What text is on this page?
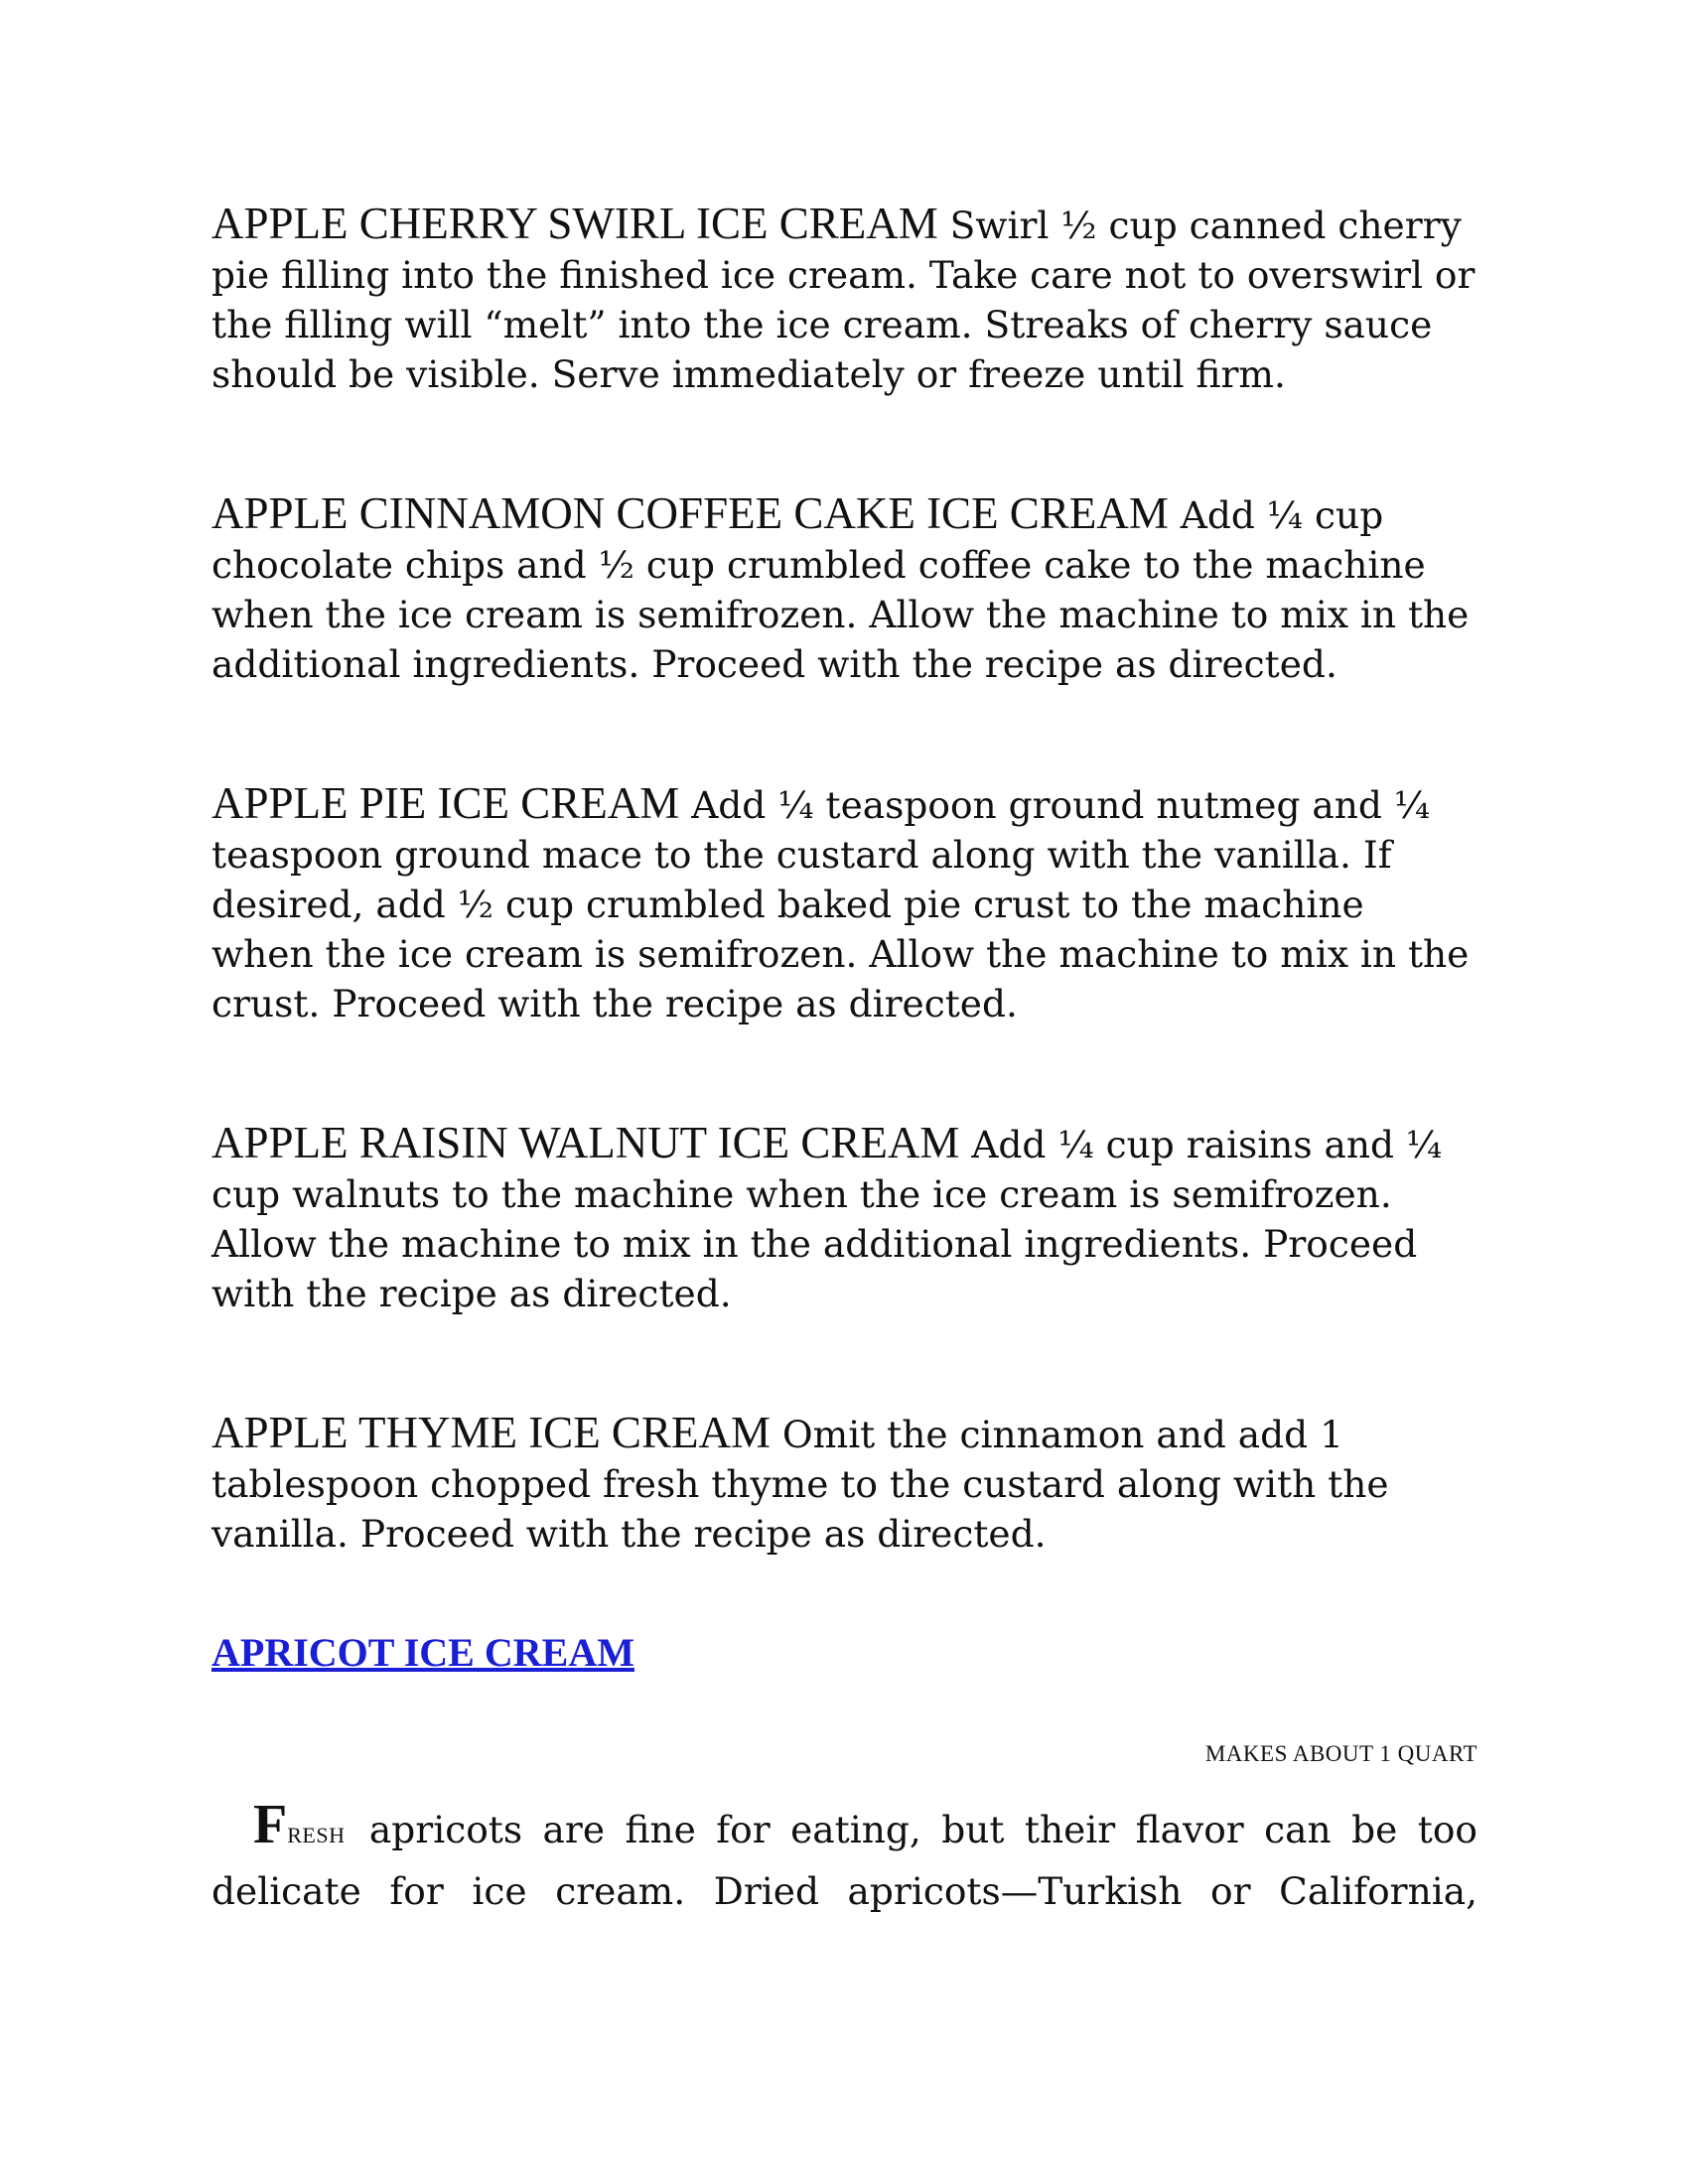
APPLE CHERRY SWIRL ICE CREAM Swirl ½ cup canned cherry pie filling into the finished ice cream. Take care not to overswirl or the filling will “melt” into the ice cream. Streaks of cherry sauce should be visible. Serve immediately or freeze until firm.

APPLE CINNAMON COFFEE CAKE ICE CREAM Add ¼ cup chocolate chips and ½ cup crumbled coffee cake to the machine when the ice cream is semifrozen. Allow the machine to mix in the additional ingredients. Proceed with the recipe as directed.

APPLE PIE ICE CREAM Add ¼ teaspoon ground nutmeg and ¼ teaspoon ground mace to the custard along with the vanilla. If desired, add ½ cup crumbled baked pie crust to the machine when the ice cream is semifrozen. Allow the machine to mix in the crust. Proceed with the recipe as directed.

APPLE RAISIN WALNUT ICE CREAM Add ¼ cup raisins and ¼ cup walnuts to the machine when the ice cream is semifrozen. Allow the machine to mix in the additional ingredients. Proceed with the recipe as directed.

APPLE THYME ICE CREAM Omit the cinnamon and add 1 tablespoon chopped fresh thyme to the custard along with the vanilla. Proceed with the recipe as directed.

APRICOT ICE CREAM

MAKES ABOUT 1 QUART

FRESH apricots are fine for eating, but their flavor can be too delicate for ice cream. Dried apricots—Turkish or California,
